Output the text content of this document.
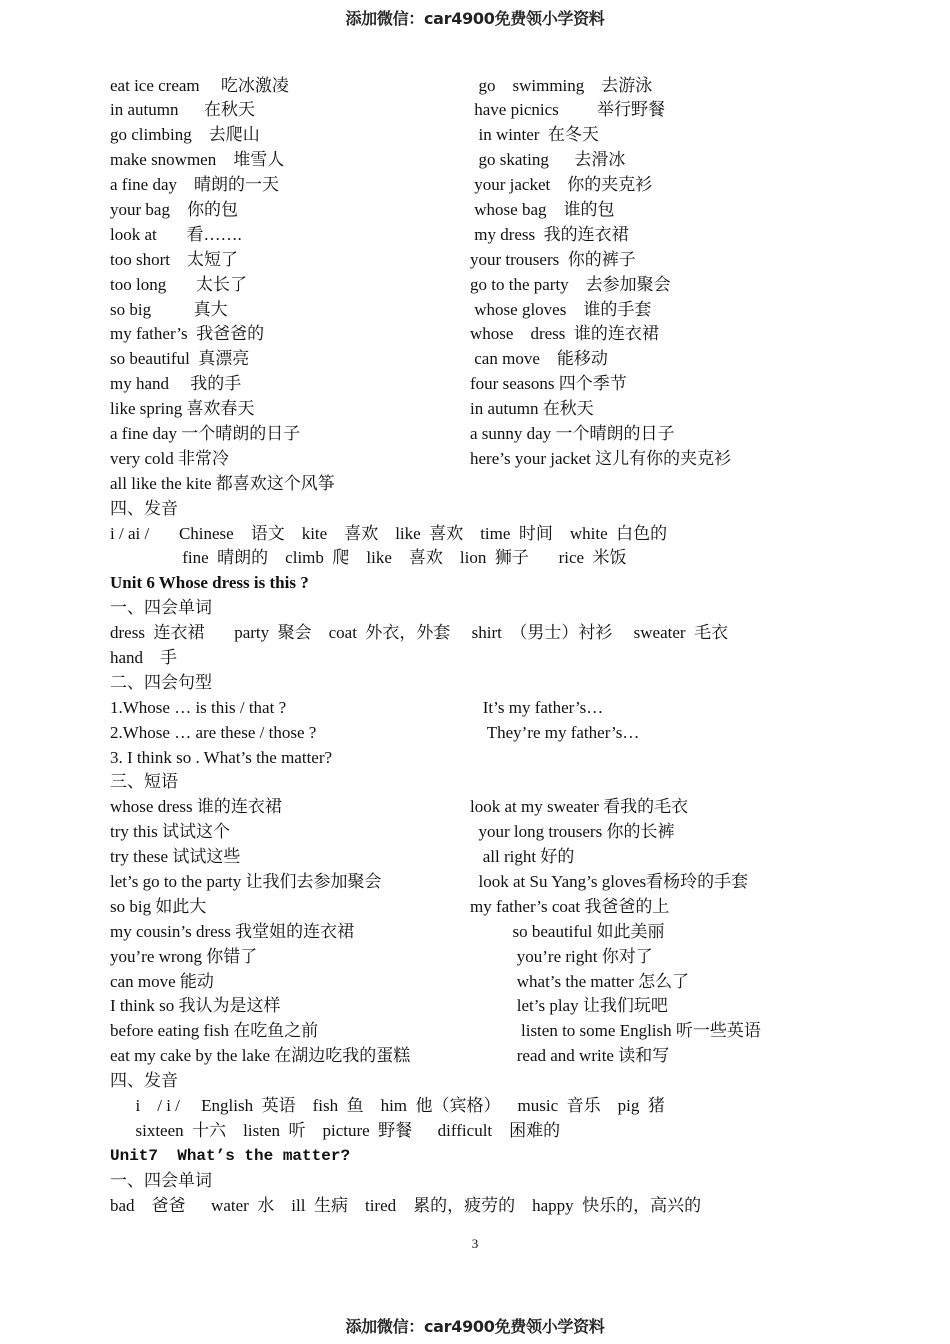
添加微信：car4900免费领小学资料
eat ice cream     吃冰激凌	go    swimming    去游泳
in autumn      在秋天	have picnics         举行野餐
go climbing    去爬山	in winter  在冬天
make snowmen    堆雪人	go skating      去滑冰
a fine day    晴朗的一天	your jacket    你的夹克衫
your bag    你的包	whose bag    谁的包
look at       看…….	my dress  我的连衣裙
too short    太短了	your trousers  你的裤子
too long       太长了	go to the party    去参加聚会
so big          真大	whose gloves    谁的手套
my father’s  我爸爸的	whose    dress  谁的连衣裙
so beautiful  真漂亮	can move    能移动
my hand     我的手	four seasons 四个季节
like spring 喜欢春天	in autumn 在秋天
a fine day 一个晴朗的日子	a sunny day 一个晴朗的日子
very cold 非常冷	here’s your jacket 这儿有你的夹克衫
all like the kite 都喜欢这个风筝
四、发音
i / ai /       Chinese    语文    kite    喜欢    like  喜欢    time  时间    white  白色的
fine  晴朗的    climb  爬    like    喜欢    lion  狮子       rice  米饭
Unit 6 Whose dress is this ?
一、四会单词
dress  连衣裙       party  聚会    coat  外衣，外套     shirt  （男士）衬衫     sweater  毛衣
hand    手
二、四会句型
1.Whose … is this / that ?	It’s my father’s…
2.Whose … are these / those ?	They’re my father’s…
3. I think so . What’s the matter?
三、短语
whose dress 谁的连衣裙	look at my sweater 看我的毛衣
try this 试试这个	your long trousers 你的长裤
try these 试试这些	all right 好的
let’s go to the party 让我们去参加聚会	look at Su Yang’s gloves看杨玲的手套
so big 如此大	my father’s coat 我爸爸的上
my cousin’s dress 我堂姐的连衣裙	so beautiful 如此美丽
you’re wrong 你错了	you’re right 你对了
can move 能动	what’s the matter 怎么了
I think so 我认为是这样	let’s play 让我们玩吧
before eating fish 在吃鱼之前	listen to some English 听一些英语
eat my cake by the lake 在湖边吃我的蛋糕	read and write 读和写
四、发音
i    / i /     English  英语    fish  鱼    him  他（宾格）    music  音乐    pig  猪
sixteen  十六    listen  听    picture  野餐      difficult    困难的
Unit7  What’s the matter?
一、四会单词
bad    爸爸      water  水    ill  生病    tired    累的，疲劳的    happy  快乐的，高兴的
3
添加微信：car4900免费领小学资料
